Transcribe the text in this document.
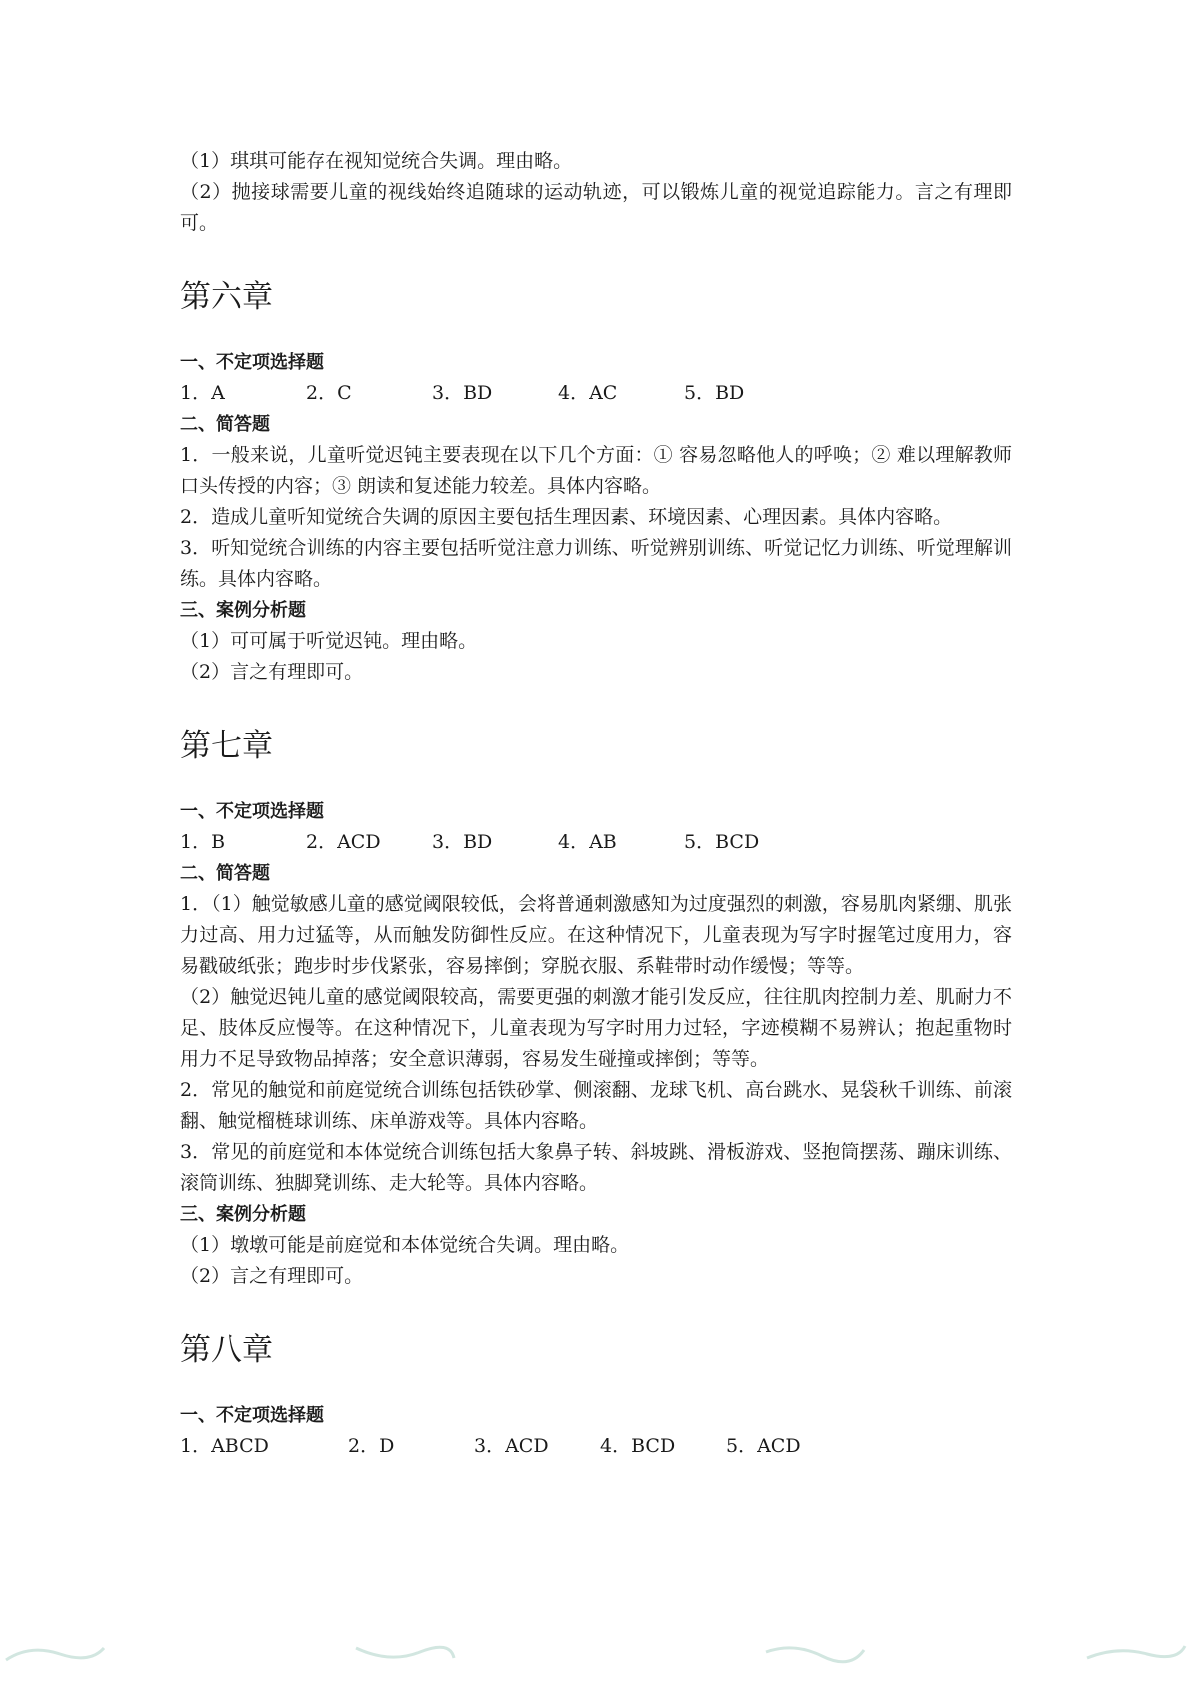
（1）琪琪可能存在视知觉统合失调。理由略。

（2）抛接球需要儿童的视线始终追随球的运动轨迹，可以锻炼儿童的视觉追踪能力。言之有理即可。

第六章

一、不定项选择题

1．A	2．C	3．BD	4．AC	5．BD

二、简答题

1．一般来说，儿童听觉迟钝主要表现在以下几个方面：① 容易忽略他人的呼唤；② 难以理解教师口头传授的内容；③ 朗读和复述能力较差。具体内容略。

2．造成儿童听知觉统合失调的原因主要包括生理因素、环境因素、心理因素。具体内容略。

3．听知觉统合训练的内容主要包括听觉注意力训练、听觉辨别训练、听觉记忆力训练、听觉理解训练。具体内容略。

三、案例分析题

（1）可可属于听觉迟钝。理由略。

（2）言之有理即可。

第七章

一、不定项选择题

1．B	2．ACD	3．BD	4．AB	5．BCD

二、简答题

1．（1）触觉敏感儿童的感觉阈限较低，会将普通刺激感知为过度强烈的刺激，容易肌肉紧绷、肌张力过高、用力过猛等，从而触发防御性反应。在这种情况下，儿童表现为写字时握笔过度用力，容易戳破纸张；跑步时步伐紧张，容易摔倒；穿脱衣服、系鞋带时动作缓慢；等等。

（2）触觉迟钝儿童的感觉阈限较高，需要更强的刺激才能引发反应，往往肌肉控制力差、肌耐力不足、肢体反应慢等。在这种情况下，儿童表现为写字时用力过轻，字迹模糊不易辨认；抱起重物时用力不足导致物品掉落；安全意识薄弱，容易发生碰撞或摔倒；等等。

2．常见的触觉和前庭觉统合训练包括铁砂掌、侧滚翻、龙球飞机、高台跳水、晃袋秋千训练、前滚翻、触觉榴梿球训练、床单游戏等。具体内容略。

3．常见的前庭觉和本体觉统合训练包括大象鼻子转、斜坡跳、滑板游戏、竖抱筒摆荡、蹦床训练、滚筒训练、独脚凳训练、走大轮等。具体内容略。

三、案例分析题

（1）墩墩可能是前庭觉和本体觉统合失调。理由略。

（2）言之有理即可。

第八章

一、不定项选择题

1．ABCD	2．D	3．ACD	4．BCD	5．ACD
